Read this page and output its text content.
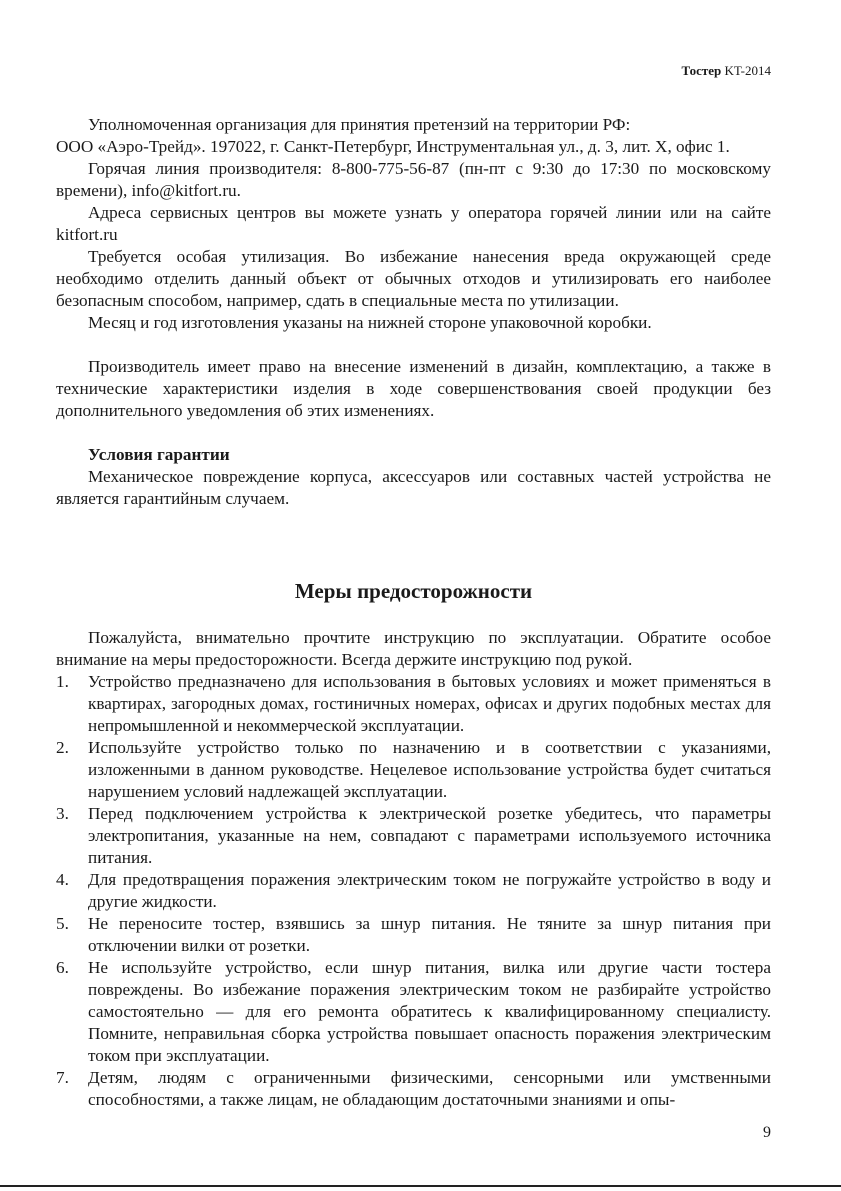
Тостер KT-2014

Уполномоченная организация для принятия претензий на территории РФ:

ООО «Аэро-Трейд». 197022, г. Санкт-Петербург, Инструментальная ул., д. 3, лит. Х, офис 1.

Горячая линия производителя: 8-800-775-56-87 (пн-пт с 9:30 до 17:30 по московскому времени), info@kitfort.ru.

Адреса сервисных центров вы можете узнать у оператора горячей линии или на сайте kitfort.ru

Требуется особая утилизация. Во избежание нанесения вреда окружающей среде необходимо отделить данный объект от обычных отходов и утилизировать его наиболее безопасным способом, например, сдать в специальные места по утилизации.

Месяц и год изготовления указаны на нижней стороне упаковочной коробки.

Производитель имеет право на внесение изменений в дизайн, комплектацию, а также в технические характеристики изделия в ходе совершенствования своей продукции без дополнительного уведомления об этих изменениях.

Условия гарантии

Механическое повреждение корпуса, аксессуаров или составных частей устройства не является гарантийным случаем.

Меры предосторожности

Пожалуйста, внимательно прочтите инструкцию по эксплуатации. Обратите особое внимание на меры предосторожности. Всегда держите инструкцию под рукой.

1. Устройство предназначено для использования в бытовых условиях и может применяться в квартирах, загородных домах, гостиничных номерах, офисах и других подобных местах для непромышленной и некоммерческой эксплуатации.
2. Используйте устройство только по назначению и в соответствии с указаниями, изложенными в данном руководстве. Нецелевое использование устройства будет считаться нарушением условий надлежащей эксплуатации.
3. Перед подключением устройства к электрической розетке убедитесь, что параметры электропитания, указанные на нем, совпадают с параметрами используемого источника питания.
4. Для предотвращения поражения электрическим током не погружайте устройство в воду и другие жидкости.
5. Не переносите тостер, взявшись за шнур питания. Не тяните за шнур питания при отключении вилки от розетки.
6. Не используйте устройство, если шнур питания, вилка или другие части тостера повреждены. Во избежание поражения электрическим током не разбирайте устройство самостоятельно — для его ремонта обратитесь к квалифицированному специалисту. Помните, неправильная сборка устройства повышает опасность поражения электрическим током при эксплуатации.
7. Детям, людям с ограниченными физическими, сенсорными или умственными способностями, а также лицам, не обладающим достаточными знаниями и опы-
9
